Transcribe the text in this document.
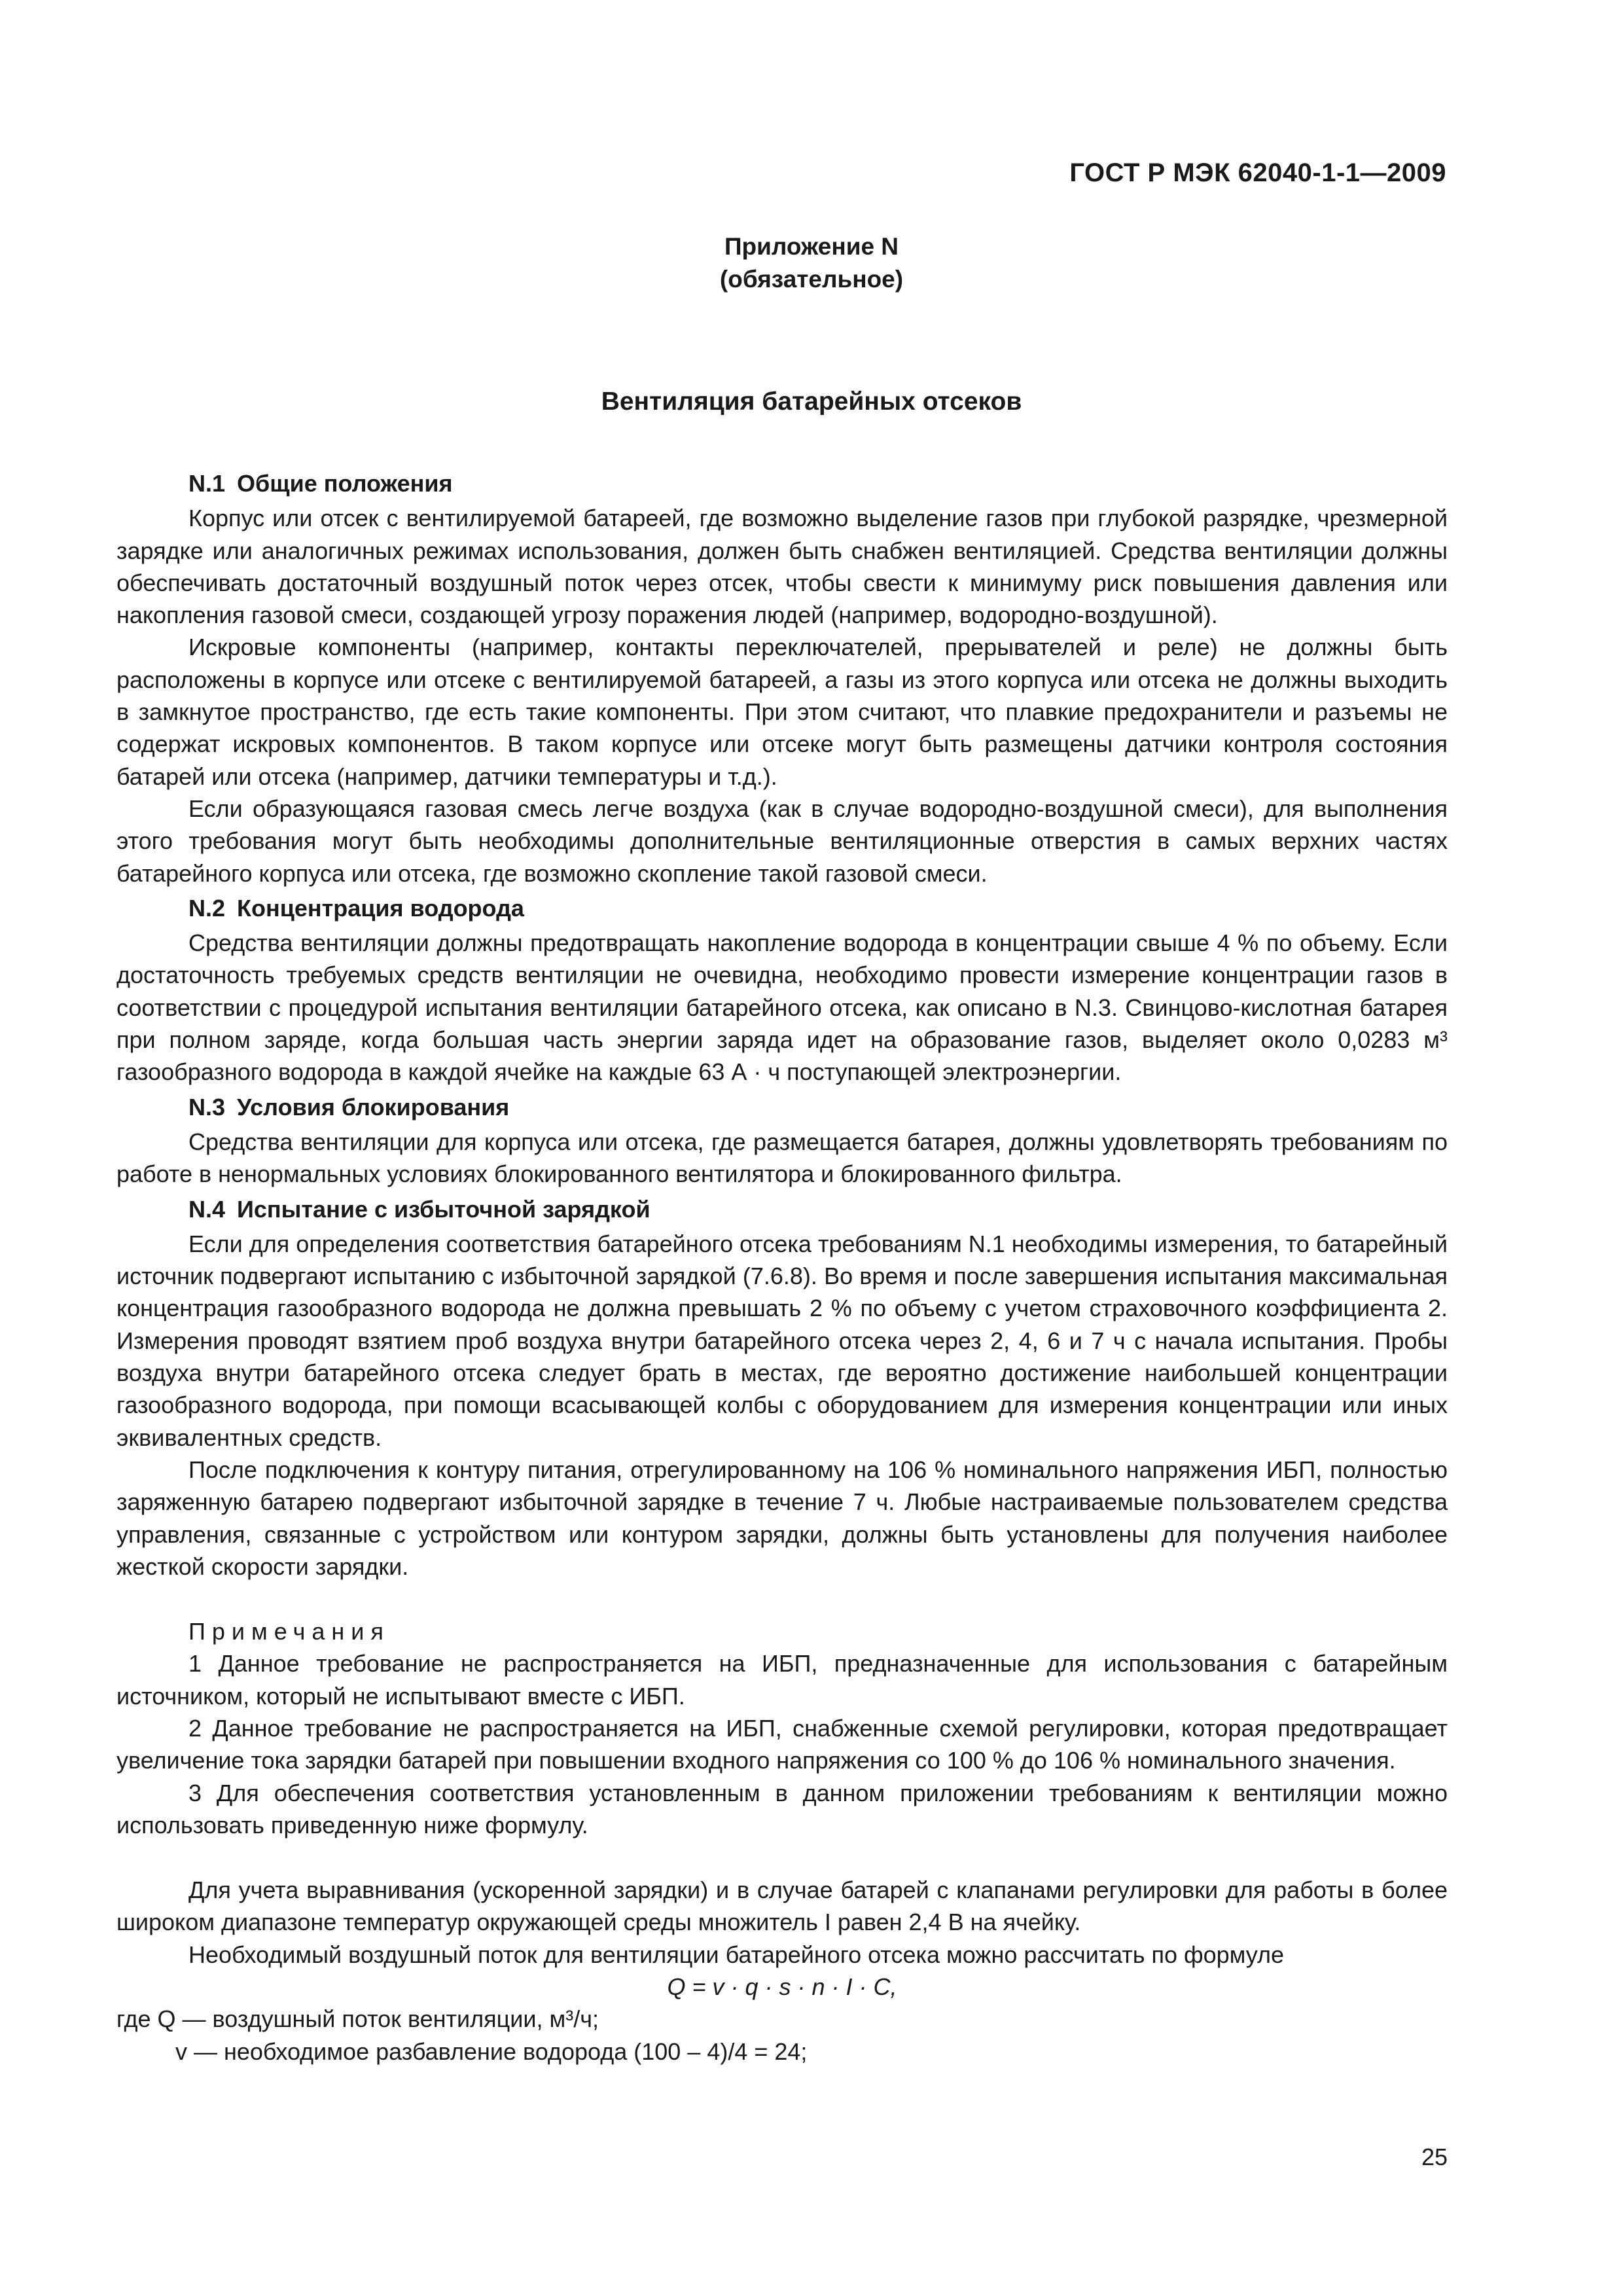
ГОСТ Р МЭК 62040-1-1—2009
Приложение N
(обязательное)
Вентиляция батарейных отсеков
N.1 Общие положения

Корпус или отсек с вентилируемой батареей, где возможно выделение газов при глубокой разрядке, чрезмерной зарядке или аналогичных режимах использования, должен быть снабжен вентиляцией. Средства вентиляции должны обеспечивать достаточный воздушный поток через отсек, чтобы свести к минимуму риск повышения давления или накопления газовой смеси, создающей угрозу поражения людей (например, водородно-воздушной).

Искровые компоненты (например, контакты переключателей, прерывателей и реле) не должны быть расположены в корпусе или отсеке с вентилируемой батареей, а газы из этого корпуса или отсека не должны выходить в замкнутое пространство, где есть такие компоненты. При этом считают, что плавкие предохранители и разъемы не содержат искровых компонентов. В таком корпусе или отсеке могут быть размещены датчики контроля состояния батарей или отсека (например, датчики температуры и т.д.).

Если образующаяся газовая смесь легче воздуха (как в случае водородно-воздушной смеси), для выполнения этого требования могут быть необходимы дополнительные вентиляционные отверстия в самых верхних частях батарейного корпуса или отсека, где возможно скопление такой газовой смеси.

N.2 Концентрация водорода

Средства вентиляции должны предотвращать накопление водорода в концентрации свыше 4 % по объему. Если достаточность требуемых средств вентиляции не очевидна, необходимо провести измерение концентрации газов в соответствии с процедурой испытания вентиляции батарейного отсека, как описано в N.3. Свинцово-кислотная батарея при полном заряде, когда большая часть энергии заряда идет на образование газов, выделяет около 0,0283 м³ газообразного водорода в каждой ячейке на каждые 63 А · ч поступающей электроэнергии.

N.3 Условия блокирования

Средства вентиляции для корпуса или отсека, где размещается батарея, должны удовлетворять требованиям по работе в ненормальных условиях блокированного вентилятора и блокированного фильтра.

N.4 Испытание с избыточной зарядкой

Если для определения соответствия батарейного отсека требованиям N.1 необходимы измерения, то батарейный источник подвергают испытанию с избыточной зарядкой (7.6.8). Во время и после завершения испытания максимальная концентрация газообразного водорода не должна превышать 2 % по объему с учетом страховочного коэффициента 2. Измерения проводят взятием проб воздуха внутри батарейного отсека через 2, 4, 6 и 7 ч с начала испытания. Пробы воздуха внутри батарейного отсека следует брать в местах, где вероятно достижение наибольшей концентрации газообразного водорода, при помощи всасывающей колбы с оборудованием для измерения концентрации или иных эквивалентных средств.

После подключения к контуру питания, отрегулированному на 106 % номинального напряжения ИБП, полностью заряженную батарею подвергают избыточной зарядке в течение 7 ч. Любые настраиваемые пользователем средства управления, связанные с устройством или контуром зарядки, должны быть установлены для получения наиболее жесткой скорости зарядки.

Примечания

1 Данное требование не распространяется на ИБП, предназначенные для использования с батарейным источником, который не испытывают вместе с ИБП.

2 Данное требование не распространяется на ИБП, снабженные схемой регулировки, которая предотвращает увеличение тока зарядки батарей при повышении входного напряжения со 100 % до 106 % номинального значения.

3 Для обеспечения соответствия установленным в данном приложении требованиям к вентиляции можно использовать приведенную ниже формулу.

Для учета выравнивания (ускоренной зарядки) и в случае батарей с клапанами регулировки для работы в более широком диапазоне температур окружающей среды множитель I равен 2,4 В на ячейку.

Необходимый воздушный поток для вентиляции батарейного отсека можно рассчитать по формуле

Q = v · q · s · n · I · C,

где Q — воздушный поток вентиляции, м³/ч;

v — необходимое разбавление водорода (100 – 4)/4 = 24;

25
